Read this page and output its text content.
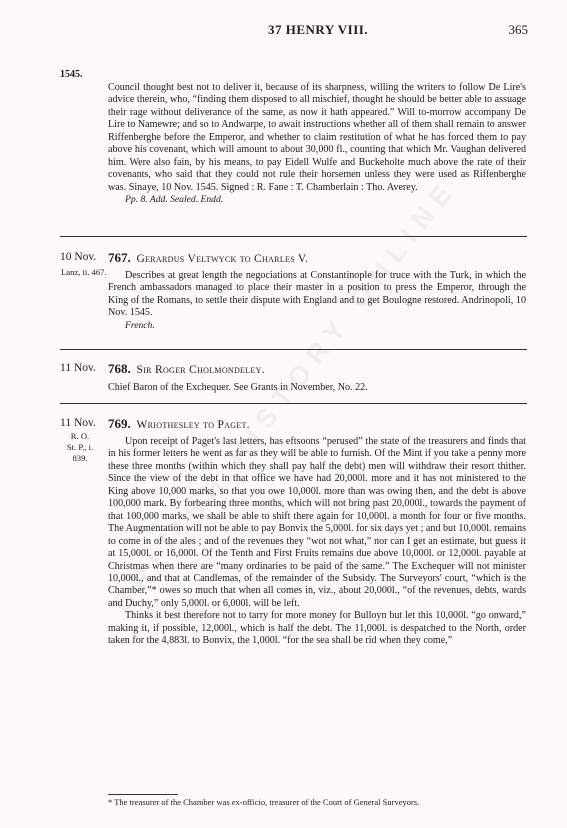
37 HENRY VIII.	365
1545.

Council thought best not to deliver it, because of its sharpness, willing the writers to follow De Lire's advice therein, who, “finding them disposed to all mischief, thought he should be better able to assuage their rage without deliverance of the same, as now it hath appeared.” Will to-morrow accompany De Lire to Namewre; and so to Andwarpe, to await instructions whether all of them shall remain to answer Riffenberghe before the Emperor, and whether to claim restitution of what he has forced them to pay above his covenant, which will amount to about 30,000 fl., counting that which Mr. Vaughan delivered him. Were also fain, by his means, to pay Eidell Wulfe and Buckeholte much above the rate of their covenants, who said that they could not rule their horsemen unless they were used as Riffenberghe was. Sinaye, 10 Nov. 1545. Signed : R. Fane : T. Chamberlain : Tho. Averey.

Pp. 8. Add. Sealed. Endd.

10 Nov.
Lanz, ii. 467.
767. Gerardus Veltwyck to Charles V.

Describes at great length the negociations at Constantinople for truce with the Turk, in which the French ambassadors managed to place their master in a position to press the Emperor, through the King of the Romans, to settle their dispute with England and to get Boulogne restored. Andrinopoli, 10 Nov. 1545.

French.

11 Nov. 768. Sir Roger Cholmondeley.

Chief Baron of the Exchequer. See Grants in November, No. 22.

11 Nov.
R. O.
St. P., i. 839.
769. Wriothesley to Paget.

Upon receipt of Paget's last letters, has eftsoons “perused” the state of the treasurers and finds that in his former letters he went as far as they will be able to furnish. Of the Mint if you take a penny more these three months (within which they shall pay half the debt) men will withdraw their resort thither. Since the view of the debt in that office we have had 20,000l. more and it has not ministered to the King above 10,000 marks, so that you owe 10,000l. more than was owing then, and the debt is above 100,000 mark. By forbearing three months, which will not bring past 20,000l., towards the payment of that 100,000 marks, we shall be able to shift there again for 10,000l. a month for four or five months. The Augmentation will not be able to pay Bonvix the 5,000l. for six days yet ; and but 10,000l. remains to come in of the ales ; and of the revenues they “wot not what,” nor can I get an estimate, but guess it at 15,000l. or 16,000l. Of the Tenth and First Fruits remains due above 10,000l. or 12,000l. payable at Christmas when there are “many ordinaries to be paid of the same.” The Exchequer will not minister 10,000l., and that at Candlemas, of the remainder of the Subsidy. The Surveyors' court, “which is the Chamber,”* owes so much that when all comes in, viz., about 20,000l., “of the revenues, debts, wards and Duchy,” only 5,000l. or 6,000l. will be left.

Thinks it best therefore not to tarry for more money for Bulloyn but let this 10,000l. “go onward,” making it, if possible, 12,000l., which is half the debt. The 11,000l. is despatched to the North, order taken for the 4,883l. to Bonvix, the 1,000l. “for the sea shall be rid when they come,”

* The treasurer of the Chamber was ex-officio, treasurer of the Court of General Surveyors.
